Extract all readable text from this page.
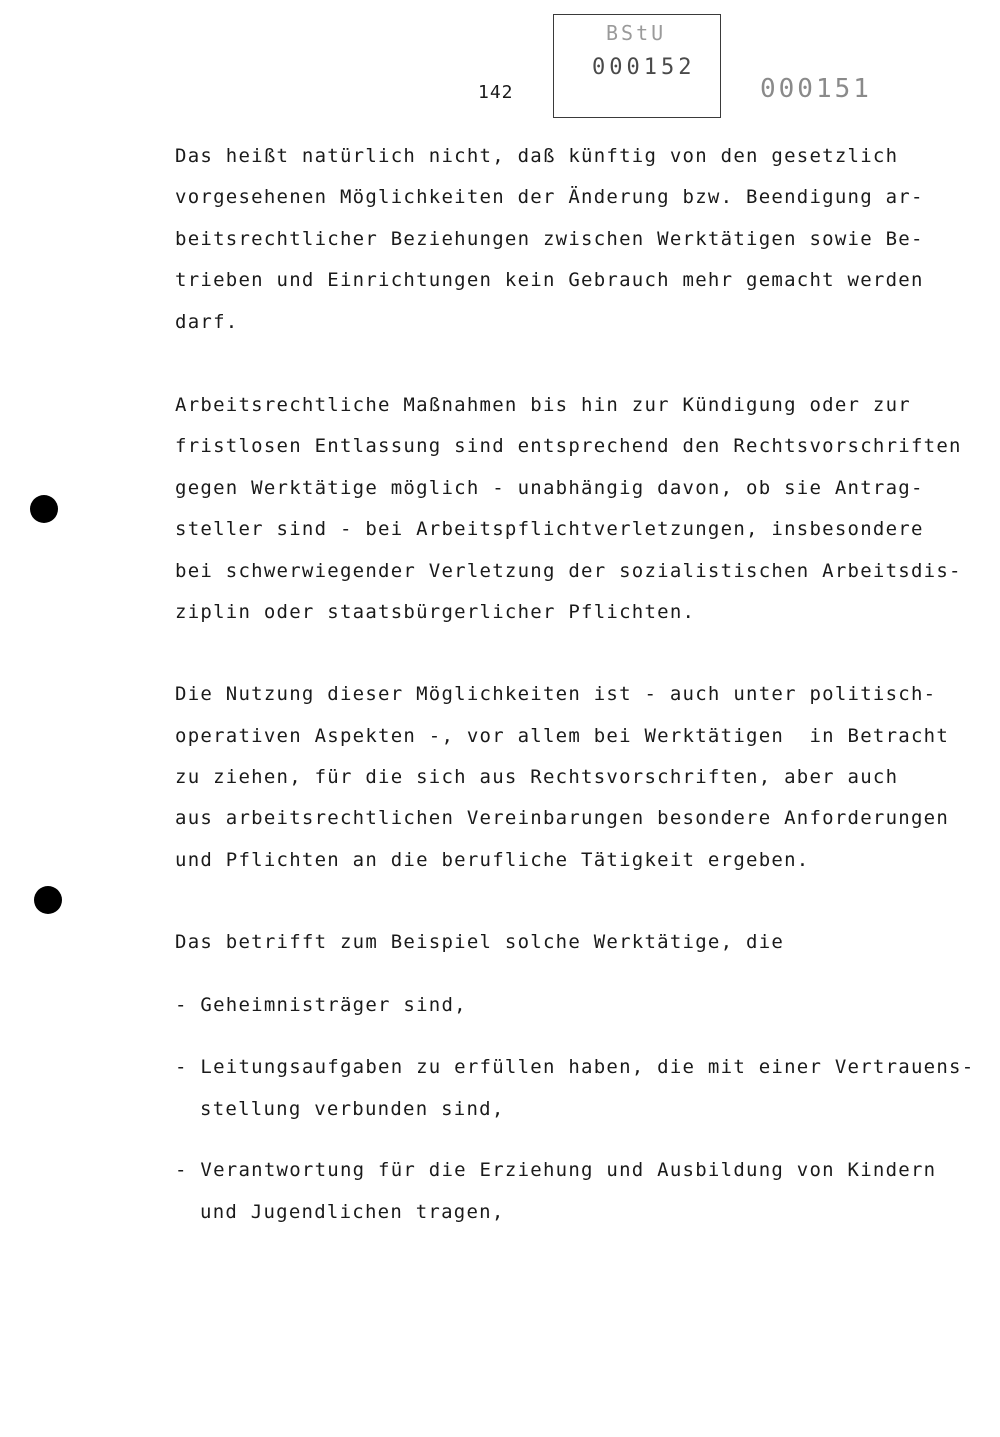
142
BStU
000152
000151
Das heißt natürlich nicht, daß künftig von den gesetzlich
vorgesehenen Möglichkeiten der Änderung bzw. Beendigung ar-
beitsrechtlicher Beziehungen zwischen Werktätigen sowie Be-
trieben und Einrichtungen kein Gebrauch mehr gemacht werden
darf.
Arbeitsrechtliche Maßnahmen bis hin zur Kündigung oder zur
fristlosen Entlassung sind entsprechend den Rechtsvorschriften
gegen Werktätige möglich - unabhängig davon, ob sie Antrag-
steller sind - bei Arbeitspflichtverletzungen, insbesondere
bei schwerwiegender Verletzung der sozialistischen Arbeitsdis-
ziplin oder staatsbürgerlicher Pflichten.
Die Nutzung dieser Möglichkeiten ist - auch unter politisch-
operativen Aspekten -, vor allem bei Werktätigen  in Betracht
zu ziehen, für die sich aus Rechtsvorschriften, aber auch
aus arbeitsrechtlichen Vereinbarungen besondere Anforderungen
und Pflichten an die berufliche Tätigkeit ergeben.
Das betrifft zum Beispiel solche Werktätige, die
- Geheimnisträger sind,
- Leitungsaufgaben zu erfüllen haben, die mit einer Vertrauens-
stellung verbunden sind,
- Verantwortung für die Erziehung und Ausbildung von Kindern
und Jugendlichen tragen,
